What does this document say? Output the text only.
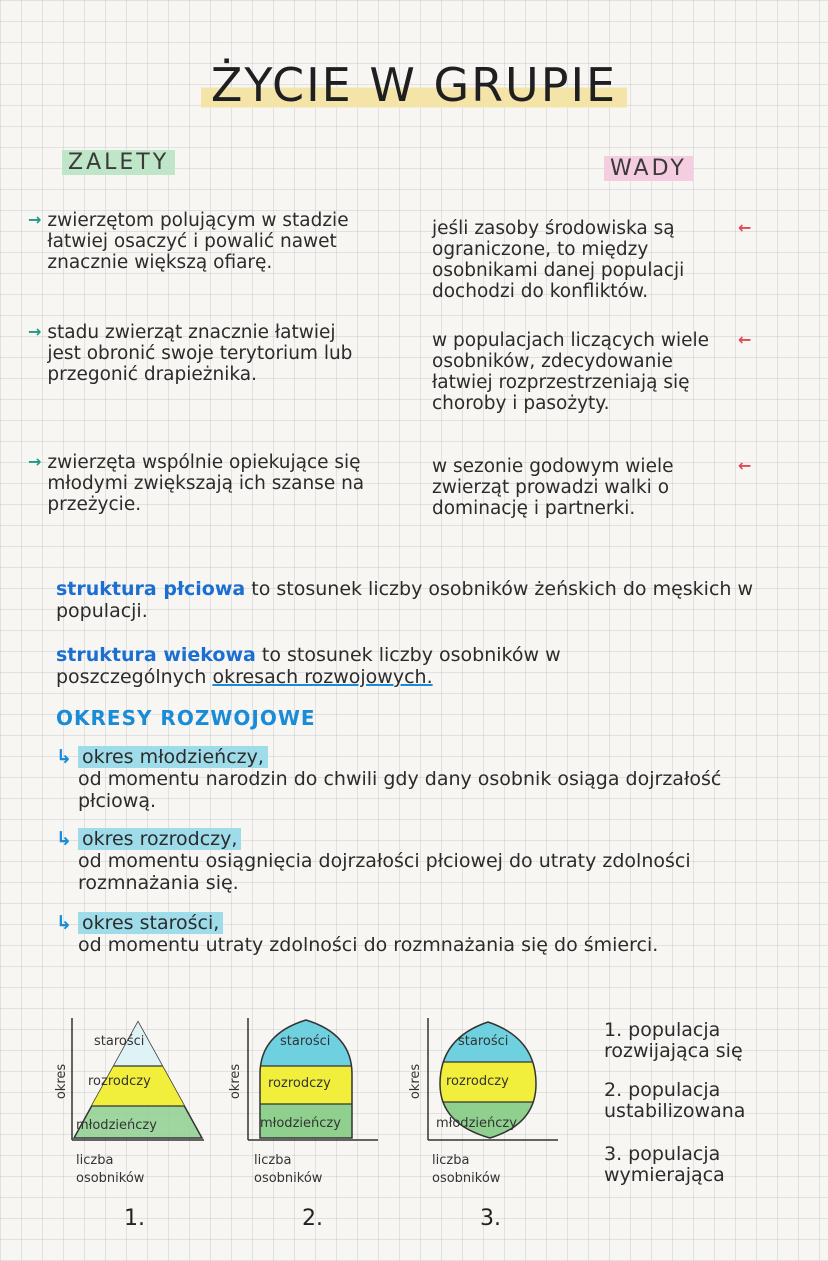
ŻYCIE W GRUPIE
ZALETY	WADY
→ zwierzętom polującym w stadzie łatwiej osaczyć i powalić nawet znacznie większą ofiarę.
→ stadu zwierząt znacznie łatwiej jest obronić swoje terytorium lub przegonić drapieżnika.
→ zwierzęta wspólnie opiekujące się młodymi zwiększają ich szanse na przeżycie.
jeśli zasoby środowiska są ograniczone, to między osobnikami danej populacji dochodzi do konfliktów.
←
w populacjach liczących wiele osobników, zdecydowanie łatwiej rozprzestrzeniają się choroby i pasożyty.
←
w sezonie godowym wiele zwierząt prowadzi walki o dominację i partnerki.
←
struktura płciowa to stosunek liczby osobników żeńskich do męskich w populacji.
struktura wiekowa to stosunek liczby osobników w
poszczególnych okresach rozwojowych.
OKRESY ROZWOJOWE
↳ okres młodzieńczy,
od momentu narodzin do chwili gdy dany osobnik osiąga dojrzałość płciową.
↳ okres rozrodczy,
od momentu osiągnięcia dojrzałości płciowej do utraty zdolności rozmnażania się.
↳ okres starości,
od momentu utraty zdolności do rozmnażania się do śmierci.
starości
rozrodczy
młodzieńczy
okres
liczba
osobników
1.
starości
rozrodczy
młodzieńczy
okres
liczba
osobników
2.
starości
rozrodczy
młodzieńczy
okres
liczba
osobników
3.
1. populacja rozwijająca się
2. populacja ustabilizowana
3. populacja wymierająca
